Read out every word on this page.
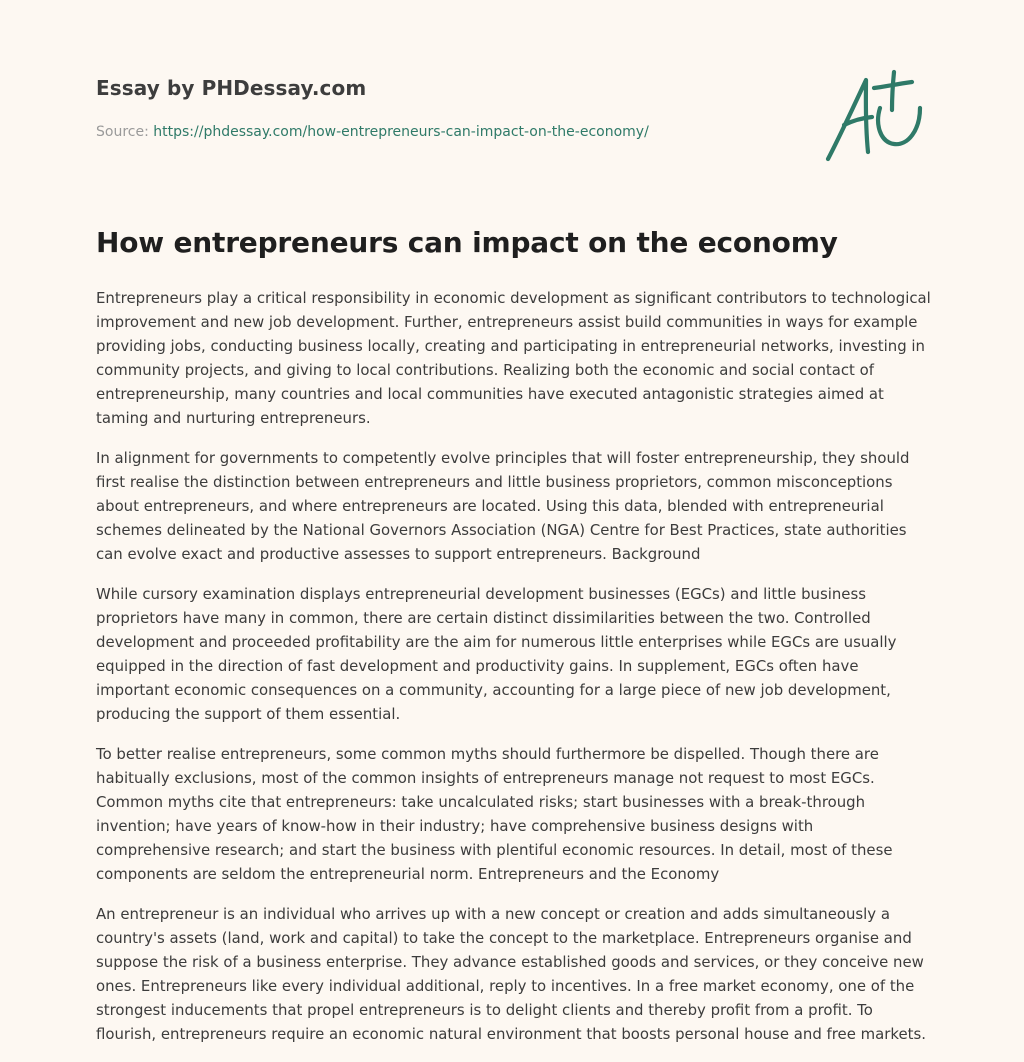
Essay by PHDessay.com
Source: https://phdessay.com/how-entrepreneurs-can-impact-on-the-economy/
How entrepreneurs can impact on the economy

Entrepreneurs play a critical responsibility in economic development as significant contributors to technological improvement and new job development. Further, entrepreneurs assist build communities in ways for example providing jobs, conducting business locally, creating and participating in entrepreneurial networks, investing in community projects, and giving to local contributions. Realizing both the economic and social contact of entrepreneurship, many countries and local communities have executed antagonistic strategies aimed at taming and nurturing entrepreneurs.

In alignment for governments to competently evolve principles that will foster entrepreneurship, they should first realise the distinction between entrepreneurs and little business proprietors, common misconceptions about entrepreneurs, and where entrepreneurs are located. Using this data, blended with entrepreneurial schemes delineated by the National Governors Association (NGA) Centre for Best Practices, state authorities can evolve exact and productive assesses to support entrepreneurs. Background

While cursory examination displays entrepreneurial development businesses (EGCs) and little business proprietors have many in common, there are certain distinct dissimilarities between the two. Controlled development and proceeded profitability are the aim for numerous little enterprises while EGCs are usually equipped in the direction of fast development and productivity gains. In supplement, EGCs often have important economic consequences on a community, accounting for a large piece of new job development, producing the support of them essential.

To better realise entrepreneurs, some common myths should furthermore be dispelled. Though there are habitually exclusions, most of the common insights of entrepreneurs manage not request to most EGCs. Common myths cite that entrepreneurs: take uncalculated risks; start businesses with a break-through invention; have years of know-how in their industry; have comprehensive business designs with comprehensive research; and start the business with plentiful economic resources. In detail, most of these components are seldom the entrepreneurial norm. Entrepreneurs and the Economy

An entrepreneur is an individual who arrives up with a new concept or creation and adds simultaneously a country's assets (land, work and capital) to take the concept to the marketplace. Entrepreneurs organise and suppose the risk of a business enterprise. They advance established goods and services, or they conceive new ones. Entrepreneurs like every individual additional, reply to incentives. In a free market economy, one of the strongest inducements that propel entrepreneurs is to delight clients and thereby profit from a profit. To flourish, entrepreneurs require an economic natural environment that boosts personal house and free markets.
